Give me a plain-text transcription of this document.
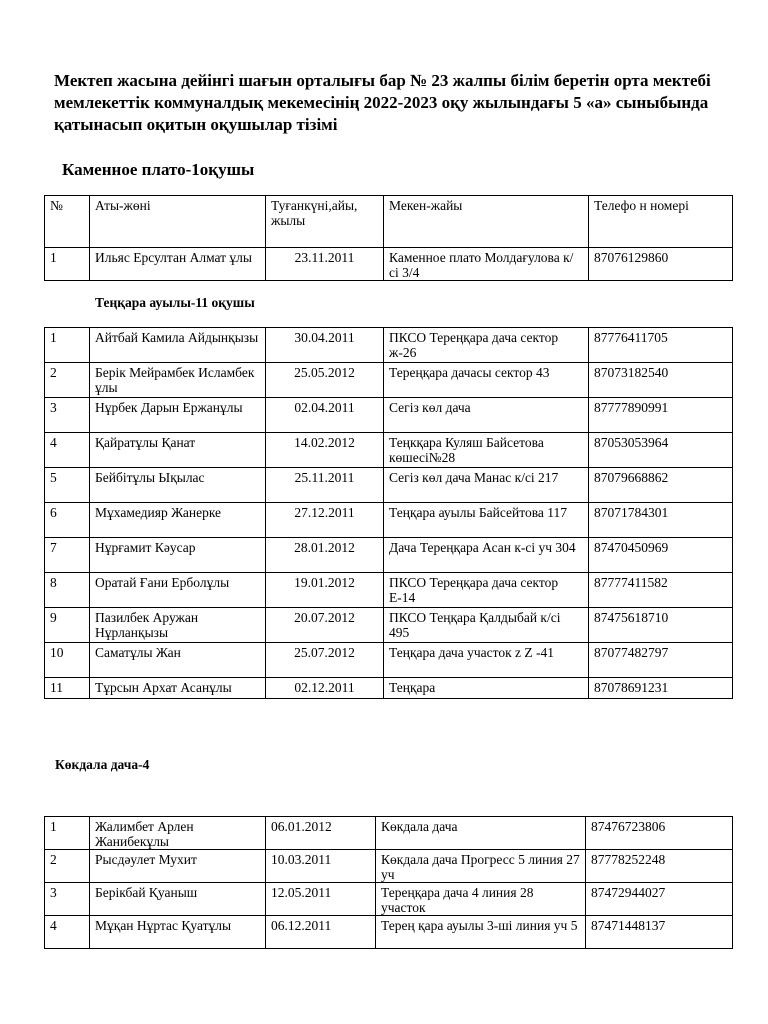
Мектеп жасына дейінгі шағын орталығы бар № 23 жалпы білім беретін орта мектебі
мемлекеттік коммуналдық мекемесінің 2022-2023 оқу жылындағы 5 «а» сыныбында
қатынасып оқитын оқушылар тізімі
Каменное плато-1оқушы
№	Аты-жөні	Туғанкүні,айы, жылы	Мекен-жайы	Телефо н номері
1	Ильяс Ерсултан Алмат ұлы	23.11.2011	Каменное плато Молдағулова к/сі 3/4	87076129860
Теңқара ауылы-11 оқушы
1	Айтбай Камила Айдынқызы	30.04.2011	ПКСО Тереңқара дача сектор ж-26	87776411705
2	Берік Мейрамбек Исламбек ұлы	25.05.2012	Тереңқара дачасы сектор 43	87073182540
3	Нұрбек Дарын Ержанұлы	02.04.2011	Сегіз көл дача	87777890991
4	Қайратұлы Қанат	14.02.2012	Теңкқара Куляш Байсетова көшесі№28	87053053964
5	Бейбітұлы Ықылас	25.11.2011	Сегіз көл дача Манас к/сі 217	87079668862
6	Мұхамедияр Жанерке	27.12.2011	Теңқара ауылы Байсейтова 117	87071784301
7	Нұрғамит Кәусар	28.01.2012	Дача Тереңқара Асан к-сі уч 304	87470450969
8	Оратай Ғани Ерболұлы	19.01.2012	ПКСО Тереңқара дача сектор Е-14	87777411582
9	Пазилбек Аружан Нұрланқызы	20.07.2012	ПКСО Теңқара Қалдыбай к/сі 495	87475618710
10	Саматұлы Жан	25.07.2012	Теңқара дача участок z Z -41	87077482797
11	Тұрсын Архат Асанұлы	02.12.2011	Теңқара	87078691231
Көкдала дача-4
1	Жалимбет Арлен Жанибекұлы	06.01.2012	Көкдала дача	87476723806
2	Рысдәулет Мухит	10.03.2011	Көкдала дача Прогресс 5 линия 27 уч	87778252248
3	Берікбай Қуаныш	12.05.2011	Тереңқара дача 4 линия 28 участок	87472944027
4	Мұқан Нұртас Қуатұлы	06.12.2011	Терең қара ауылы 3-ші линия уч 5	87471448137
